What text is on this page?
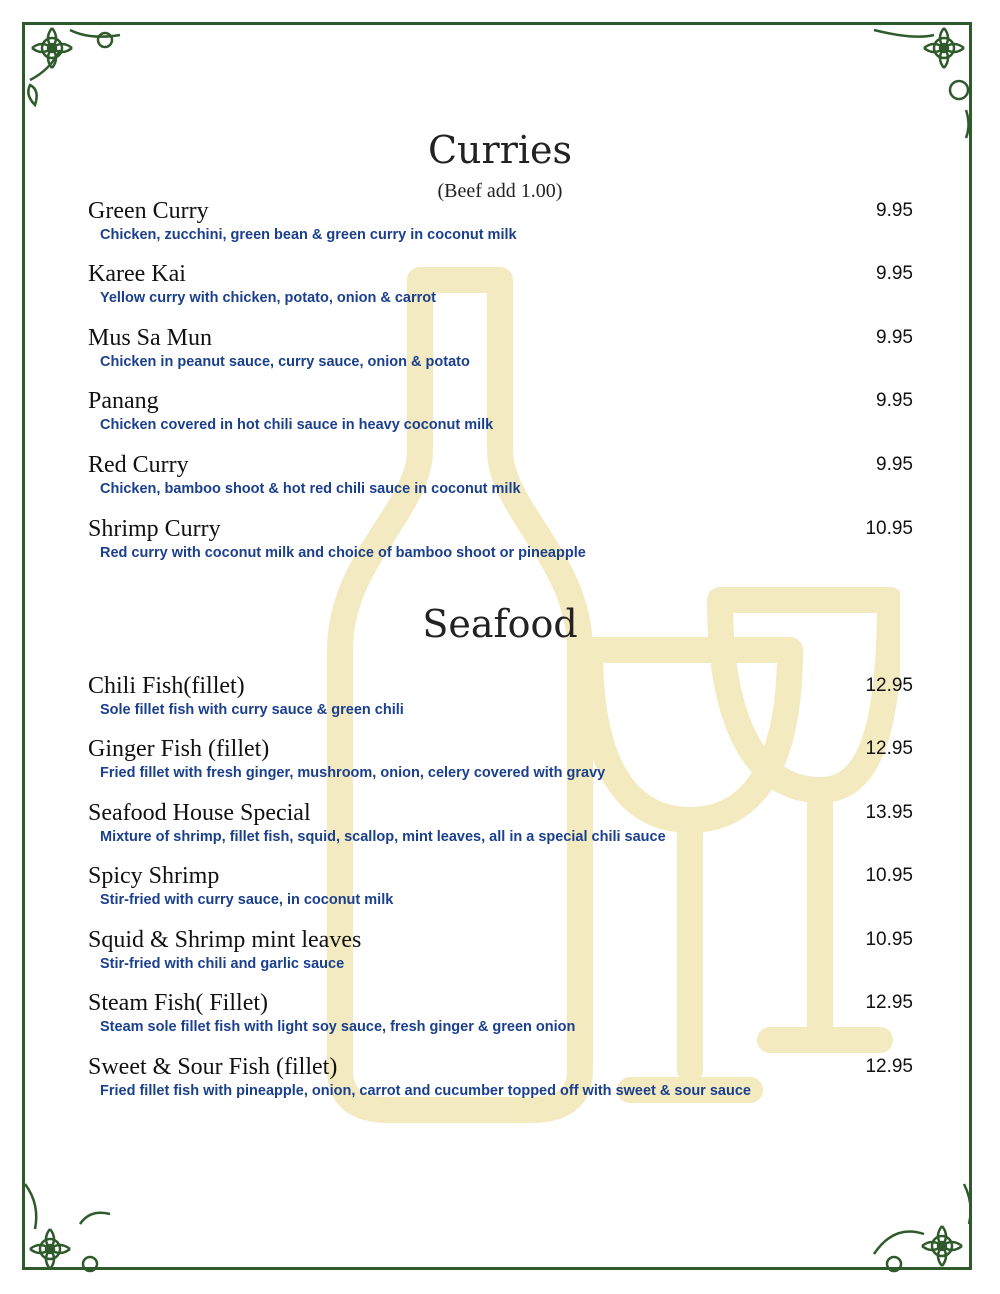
Curries
(Beef add 1.00)
Green Curry	9.95
Chicken, zucchini, green bean & green curry in coconut milk
Karee Kai	9.95
Yellow curry with chicken, potato, onion & carrot
Mus Sa Mun	9.95
Chicken in peanut sauce, curry sauce, onion & potato
Panang	9.95
Chicken covered in hot chili sauce in heavy coconut milk
Red Curry	9.95
Chicken, bamboo shoot & hot red chili sauce in coconut milk
Shrimp Curry	10.95
Red curry with coconut milk and choice of bamboo shoot or pineapple
Seafood
Chili Fish(fillet)	12.95
Sole fillet fish with curry sauce & green chili
Ginger Fish (fillet)	12.95
Fried fillet with fresh ginger, mushroom, onion, celery covered with gravy
Seafood House Special	13.95
Mixture of shrimp, fillet fish, squid, scallop, mint leaves, all in a special chili sauce
Spicy Shrimp	10.95
Stir-fried with curry sauce, in coconut milk
Squid & Shrimp mint leaves	10.95
Stir-fried with chili and garlic sauce
Steam Fish( Fillet)	12.95
Steam sole fillet fish with light soy sauce, fresh ginger & green onion
Sweet & Sour Fish (fillet)	12.95
Fried fillet fish with pineapple, onion, carrot and cucumber topped off with sweet & sour sauce
